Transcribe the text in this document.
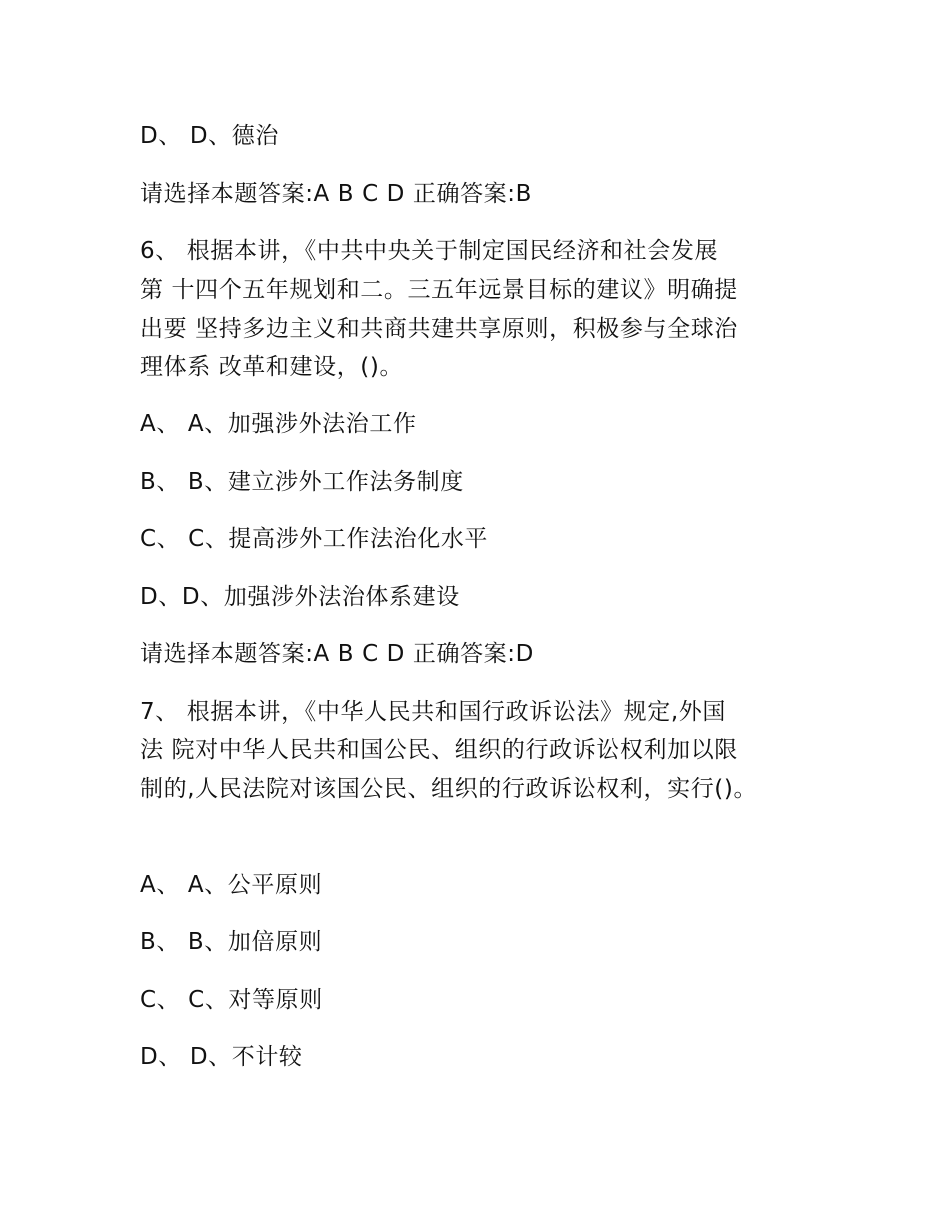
D、 D、德治
请选择本题答案:A B C D 正确答案:B
6、 根据本讲，《中共中央关于制定国民经济和社会发展
第 十四个五年规划和二。三五年远景目标的建议》明确提
出要 坚持多边主义和共商共建共享原则，积极参与全球治
理体系 改革和建设，()。
A、 A、加强涉外法治工作
B、 B、建立涉外工作法务制度
C、 C、提高涉外工作法治化水平
D、D、加强涉外法治体系建设
请选择本题答案:A B C D 正确答案:D
7、 根据本讲，《中华人民共和国行政诉讼法》规定,外国
法 院对中华人民共和国公民、组织的行政诉讼权利加以限
制的,人民法院对该国公民、组织的行政诉讼权利，实行()。
A、 A、公平原则
B、 B、加倍原则
C、 C、对等原则
D、 D、不计较
